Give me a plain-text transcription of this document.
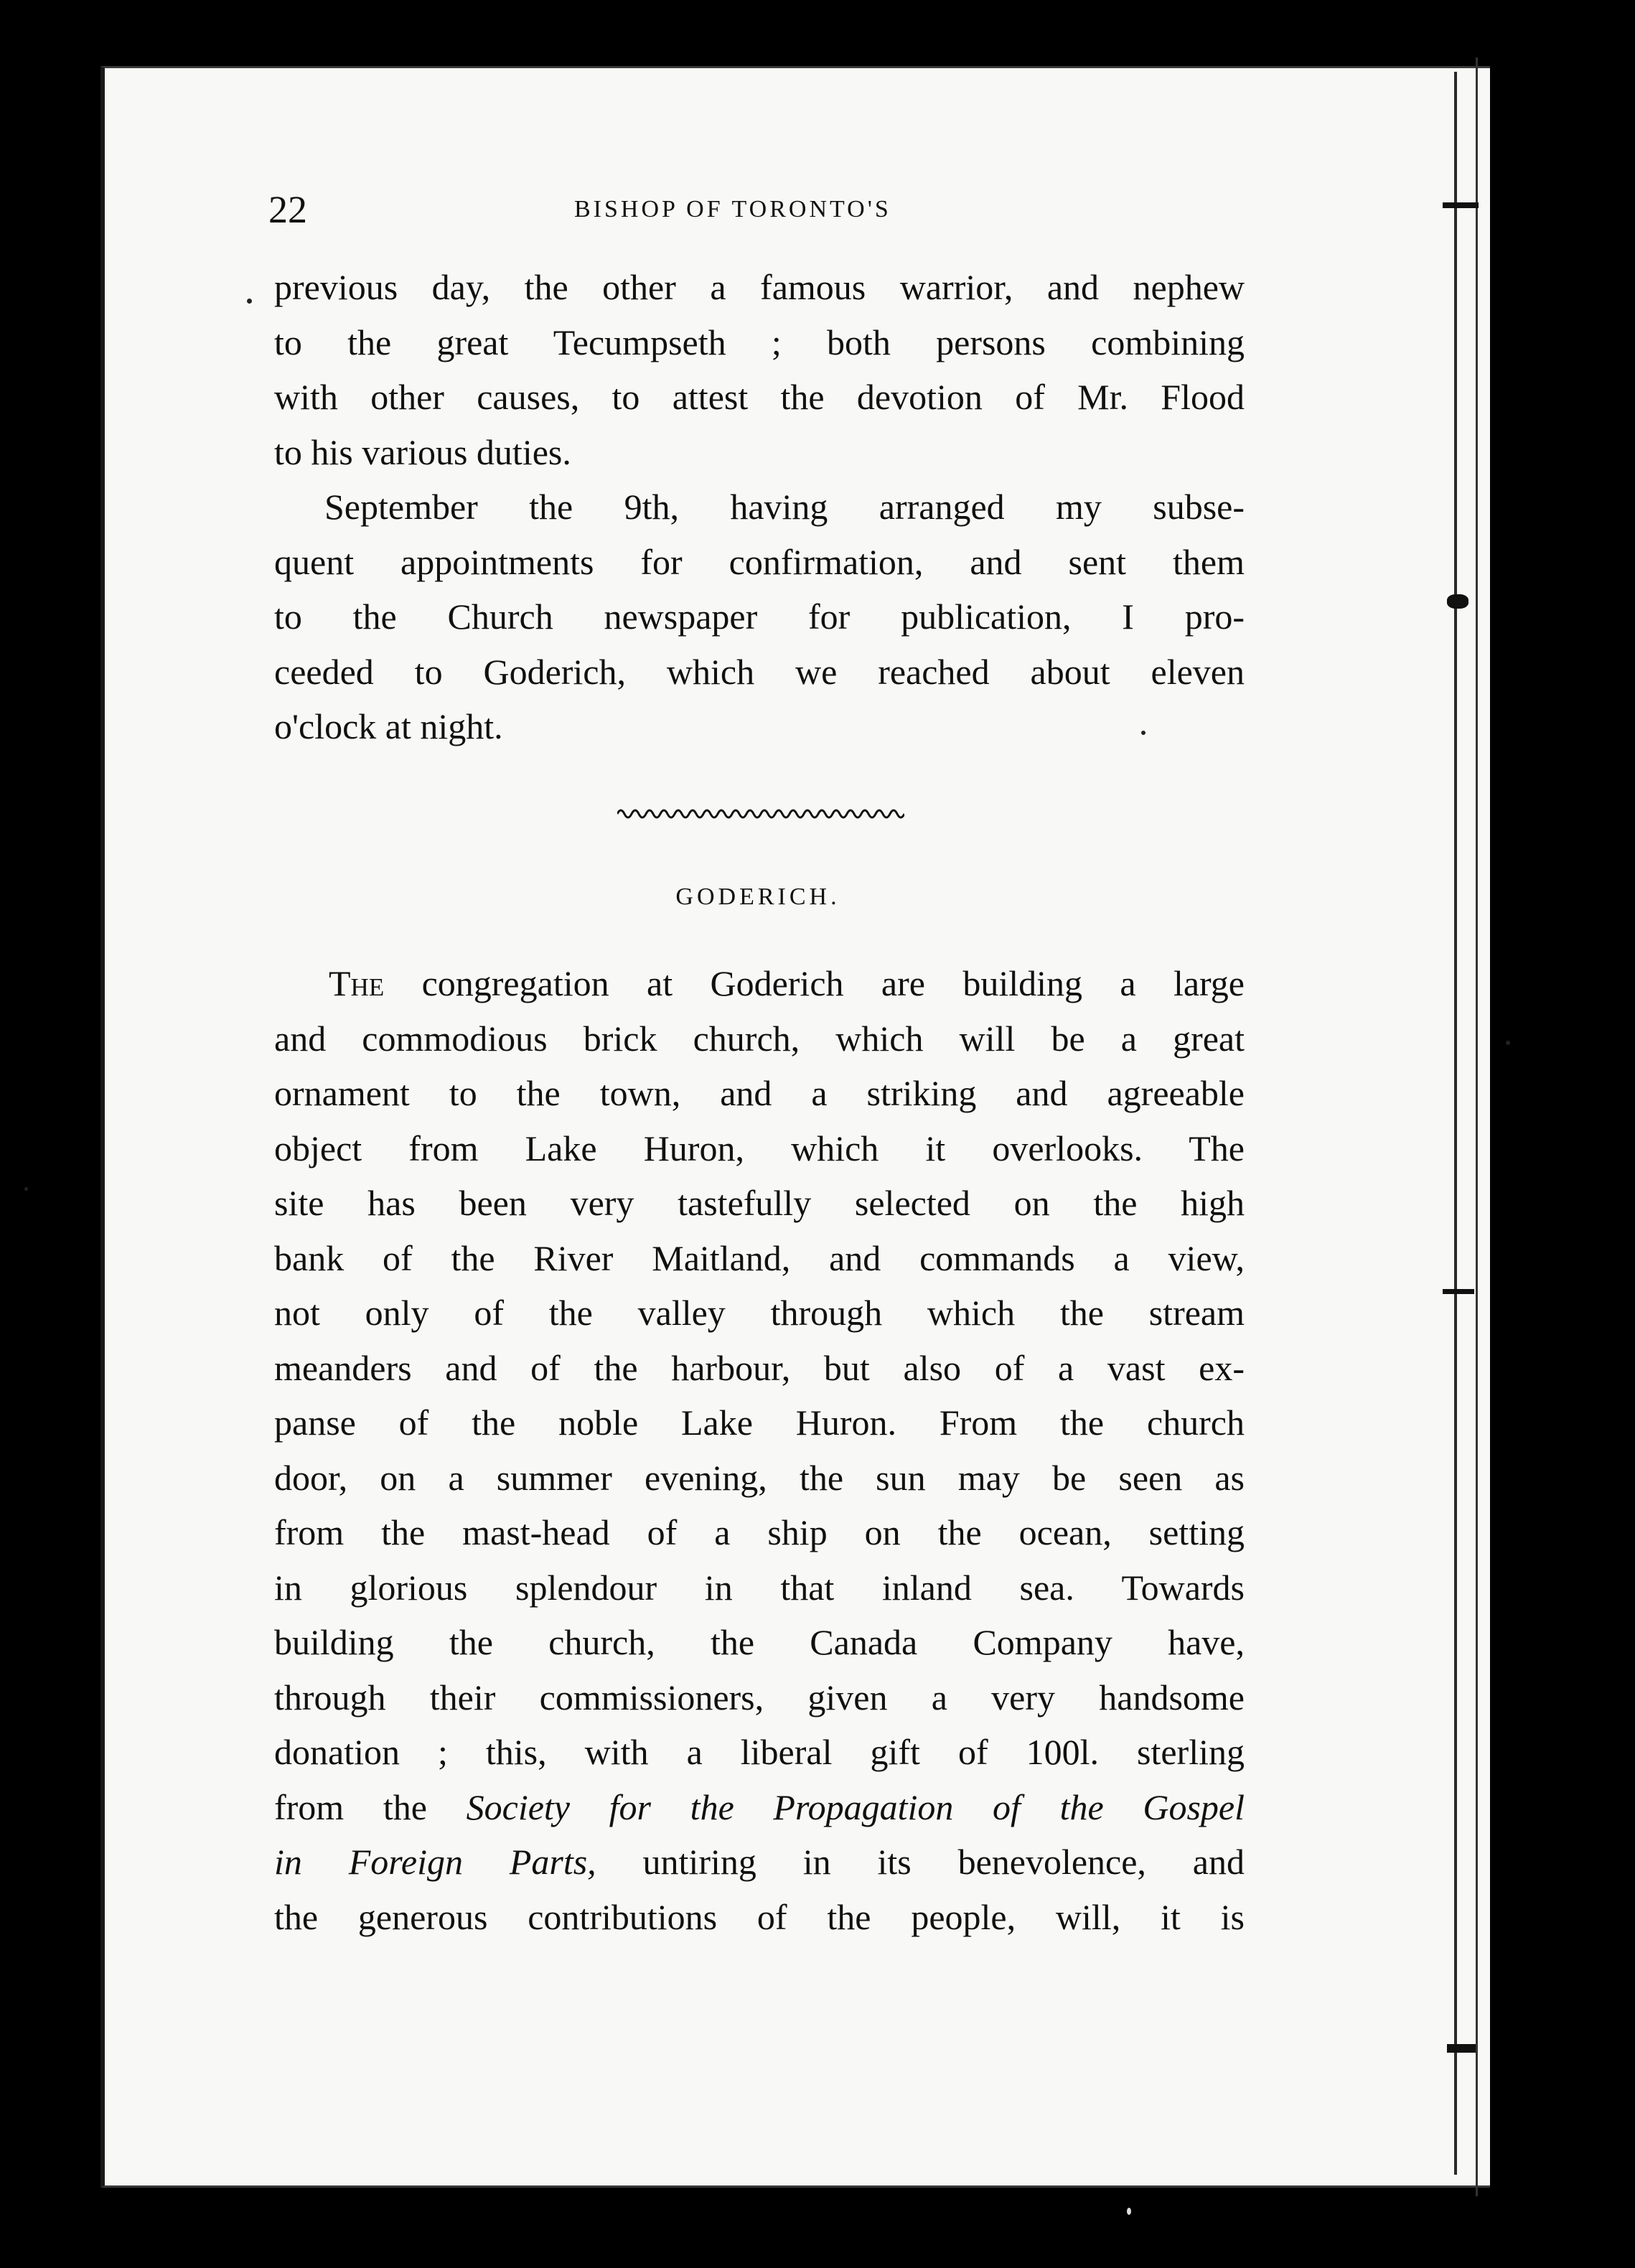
22	BISHOP OF TORONTO'S
previous day, the other a famous warrior, and nephew
to the great Tecumpseth ; both persons combining
with other causes, to attest the devotion of Mr. Flood
to his various duties.
September the 9th, having arranged my subse-
quent appointments for confirmation, and sent them
to the Church newspaper for publication, I pro-
ceeded to Goderich, which we reached about eleven
o'clock at night.
GODERICH.
The congregation at Goderich are building a large
and commodious brick church, which will be a great
ornament to the town, and a striking and agreeable
object from Lake Huron, which it overlooks. The
site has been very tastefully selected on the high
bank of the River Maitland, and commands a view,
not only of the valley through which the stream
meanders and of the harbour, but also of a vast ex-
panse of the noble Lake Huron. From the church
door, on a summer evening, the sun may be seen as
from the mast-head of a ship on the ocean, setting
in glorious splendour in that inland sea. Towards
building the church, the Canada Company have,
through their commissioners, given a very handsome
donation ; this, with a liberal gift of 100l. sterling
from the Society for the Propagation of the Gospel
in Foreign Parts, untiring in its benevolence, and
the generous contributions of the people, will, it is
